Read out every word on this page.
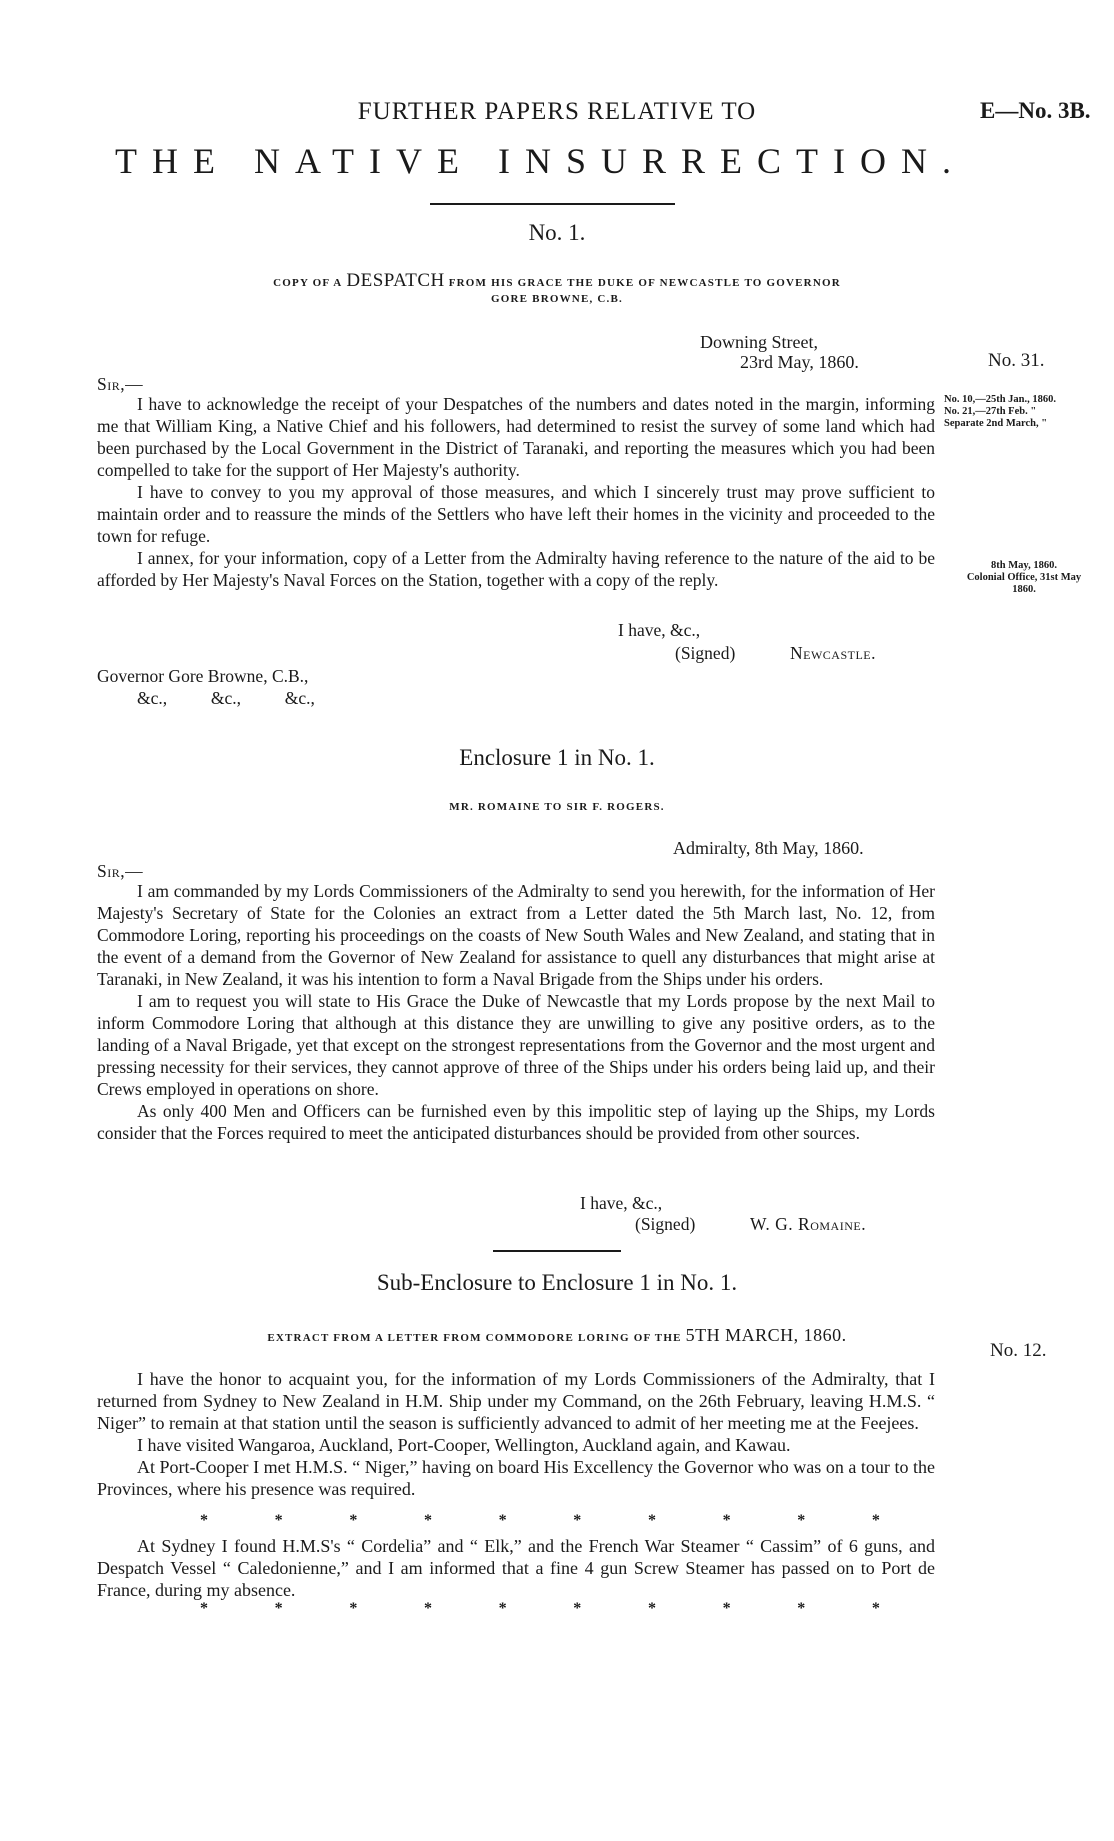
FURTHER PAPERS RELATIVE TO	E—No. 3B.
THE NATIVE INSURRECTION.
No. 1.
COPY OF A DESPATCH FROM HIS GRACE THE DUKE OF NEWCASTLE TO GOVERNOR
GORE BROWNE, C.B.
Downing Street,
23rd May, 1860.	No. 31.
Sir,—

I have to acknowledge the receipt of your Despatches of the numbers and dates noted in the margin, informing me that William King, a Native Chief and his followers, had determined to resist the survey of some land which had been purchased by the Local Government in the District of Taranaki, and reporting the measures which you had been compelled to take for the support of Her Majesty's authority.

I have to convey to you my approval of those measures, and which I sincerely trust may prove sufficient to maintain order and to reassure the minds of the Settlers who have left their homes in the vicinity and proceeded to the town for refuge.

I annex, for your information, copy of a Letter from the Admiralty having reference to the nature of the aid to be afforded by Her Majesty's Naval Forces on the Station, together with a copy of the reply.

No. 10,—25th Jan., 1860.
No. 21,—27th Feb. "
Separate 2nd March, "
8th May, 1860.
Colonial Office, 31st May
1860.
I have, &c.,
(Signed)	Newcastle.
Governor Gore Browne, C.B.,
&c.,          &c.,          &c.,
Enclosure 1 in No. 1.
MR. ROMAINE TO SIR F. ROGERS.
Admiralty, 8th May, 1860.
Sir,—

I am commanded by my Lords Commissioners of the Admiralty to send you herewith, for the information of Her Majesty's Secretary of State for the Colonies an extract from a Letter dated the 5th March last, No. 12, from Commodore Loring, reporting his proceedings on the coasts of New South Wales and New Zealand, and stating that in the event of a demand from the Governor of New Zealand for assistance to quell any disturbances that might arise at Taranaki, in New Zealand, it was his intention to form a Naval Brigade from the Ships under his orders.

I am to request you will state to His Grace the Duke of Newcastle that my Lords propose by the next Mail to inform Commodore Loring that although at this distance they are unwilling to give any positive orders, as to the landing of a Naval Brigade, yet that except on the strongest representations from the Governor and the most urgent and pressing necessity for their services, they cannot approve of three of the Ships under his orders being laid up, and their Crews employed in operations on shore.

As only 400 Men and Officers can be furnished even by this impolitic step of laying up the Ships, my Lords consider that the Forces required to meet the anticipated disturbances should be provided from other sources.

I have, &c.,
(Signed)	W. G. Romaine.
Sub-Enclosure to Enclosure 1 in No. 1.
EXTRACT FROM A LETTER FROM COMMODORE LORING OF THE 5TH MARCH, 1860.
No. 12.

I have the honor to acquaint you, for the information of my Lords Commissioners of the Admiralty, that I returned from Sydney to New Zealand in H.M. Ship under my Command, on the 26th February, leaving H.M.S. “ Niger” to remain at that station until the season is sufficiently advanced to admit of her meeting me at the Feejees.

I have visited Wangaroa, Auckland, Port-Cooper, Wellington, Auckland again, and Kawau.

At Port-Cooper I met H.M.S. “ Niger,” having on board His Excellency the Governor who was on a tour to the Provinces, where his presence was required.

*	*	*	*	*	*	*	*	*	*

At Sydney I found H.M.S's “ Cordelia” and “ Elk,” and the French War Steamer “ Cassim” of 6 guns, and Despatch Vessel “ Caledonienne,” and I am informed that a fine 4 gun Screw Steamer has passed on to Port de France, during my absence.

*	*	*	*	*	*	*	*	*	*
